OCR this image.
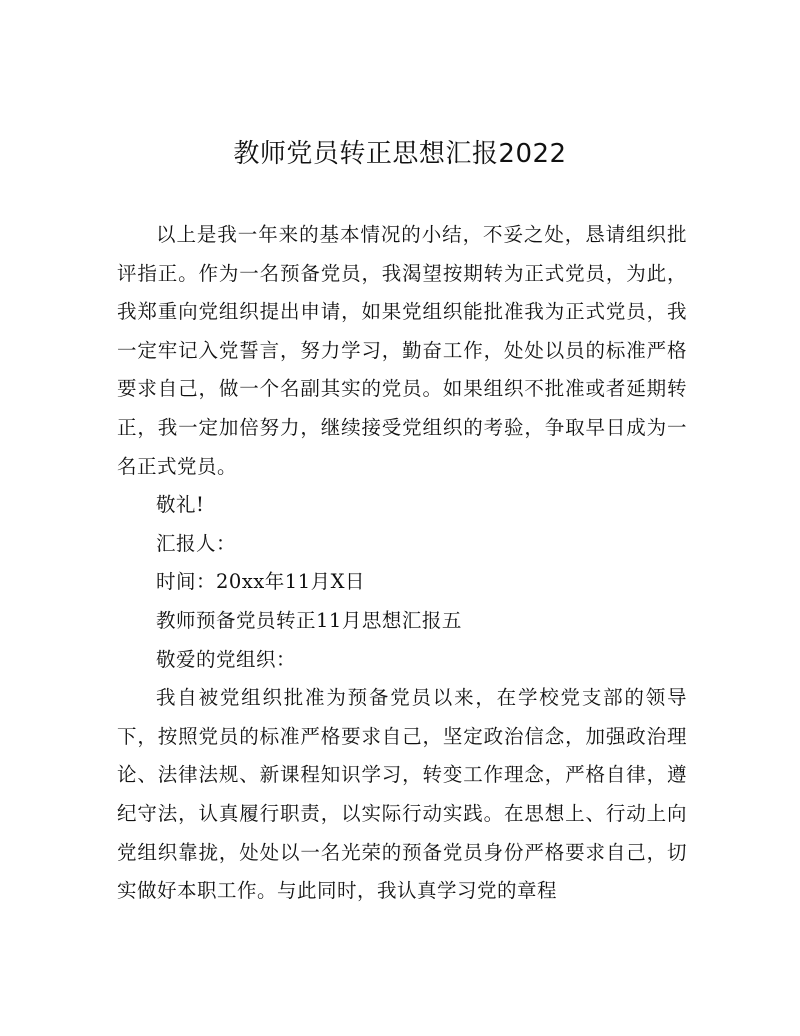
教师党员转正思想汇报2022

以上是我一年来的基本情况的小结，不妥之处，恳请组织批评指正。作为一名预备党员，我渴望按期转为正式党员，为此，我郑重向党组织提出申请，如果党组织能批准我为正式党员，我一定牢记入党誓言，努力学习，勤奋工作，处处以员的标准严格要求自己，做一个名副其实的党员。如果组织不批准或者延期转正，我一定加倍努力，继续接受党组织的考验，争取早日成为一名正式党员。

敬礼!

汇报人：

时间：20xx年11月X日

教师预备党员转正11月思想汇报五

敬爱的党组织：

我自被党组织批准为预备党员以来，在学校党支部的领导下，按照党员的标准严格要求自己，坚定政治信念，加强政治理论、法律法规、新课程知识学习，转变工作理念，严格自律，遵纪守法，认真履行职责，以实际行动实践。在思想上、行动上向党组织靠拢，处处以一名光荣的预备党员身份严格要求自己，切实做好本职工作。与此同时，我认真学习党的章程
